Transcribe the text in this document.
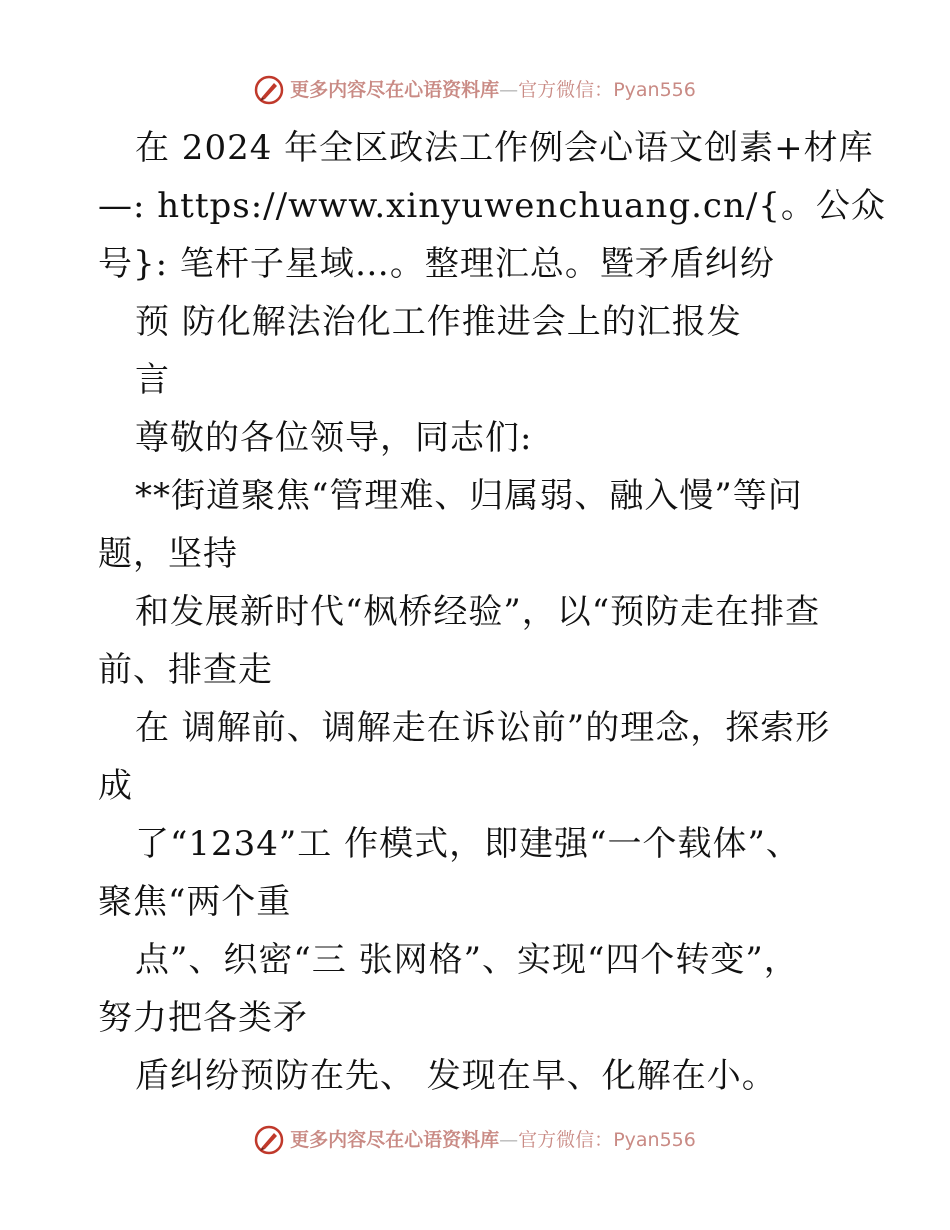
更多内容尽在心语资料库 — 官方微信： Pyan556
在 2024 年全区政法工作例会心语文创素+材库
—: https://www.xinyuwenchuang.cn/{。公众
号}: 笔杆子星域…。整理汇总。暨矛盾纠纷
预 防化解法治化工作推进会上的汇报发
言
尊敬的各位领导，同志们:
**街道聚焦“管理难、归属弱、融入慢”等问
题，坚持
和发展新时代“枫桥经验”，以“预防走在排查
前、排查走
在 调解前、调解走在诉讼前”的理念，探索形
成
了“1234”工 作模式，即建强“一个载体”、
聚焦“两个重
点”、织密“三 张网格”、实现“四个转变”，
努力把各类矛
盾纠纷预防在先、 发现在早、化解在小。
更多内容尽在心语资料库 — 官方微信： Pyan556
